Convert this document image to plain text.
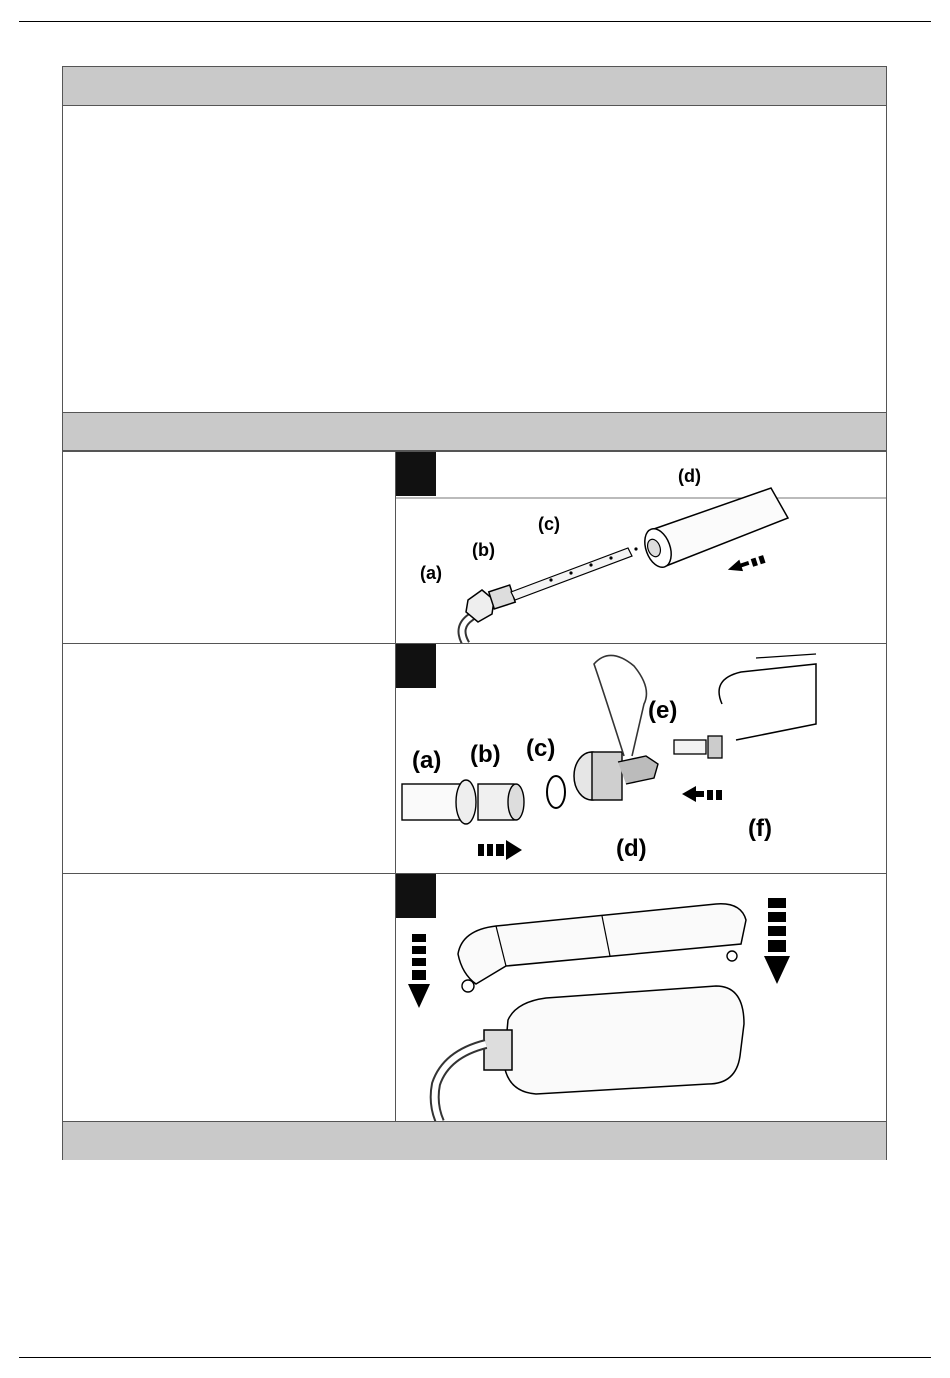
(a)
(b)
(c)
(d)
(a) (b) (c)
(d)
(e)
(f)
